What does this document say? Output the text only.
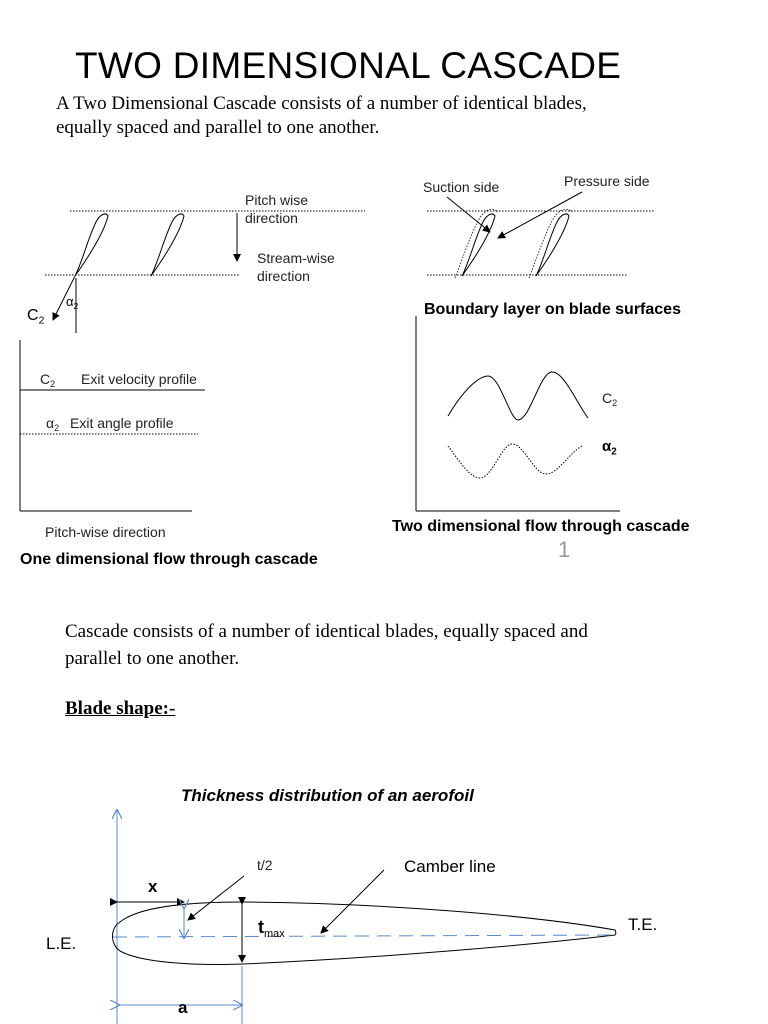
TWO DIMENSIONAL CASCADE
A Two Dimensional Cascade consists of a number of identical blades,
equally spaced and parallel to one another.
Pitch wise
direction
Stream-wise
direction
$C_2$
$\alpha_2$
$C_2$ Exit velocity profile
$\alpha_2$ Exit angle profile
Pitch-wise direction
One dimensional flow through cascade
Suction side	Pressure side
Boundary layer on blade surfaces
$C_2$
$\alpha_2$
Two dimensional flow through cascade
1
Cascade consists of a number of identical blades, equally spaced and
parallel to one another.
Blade shape:-
Thickness distribution of an aerofoil
t/2	Camber line
x
$t_{max}$
L.E.
T.E.
a
